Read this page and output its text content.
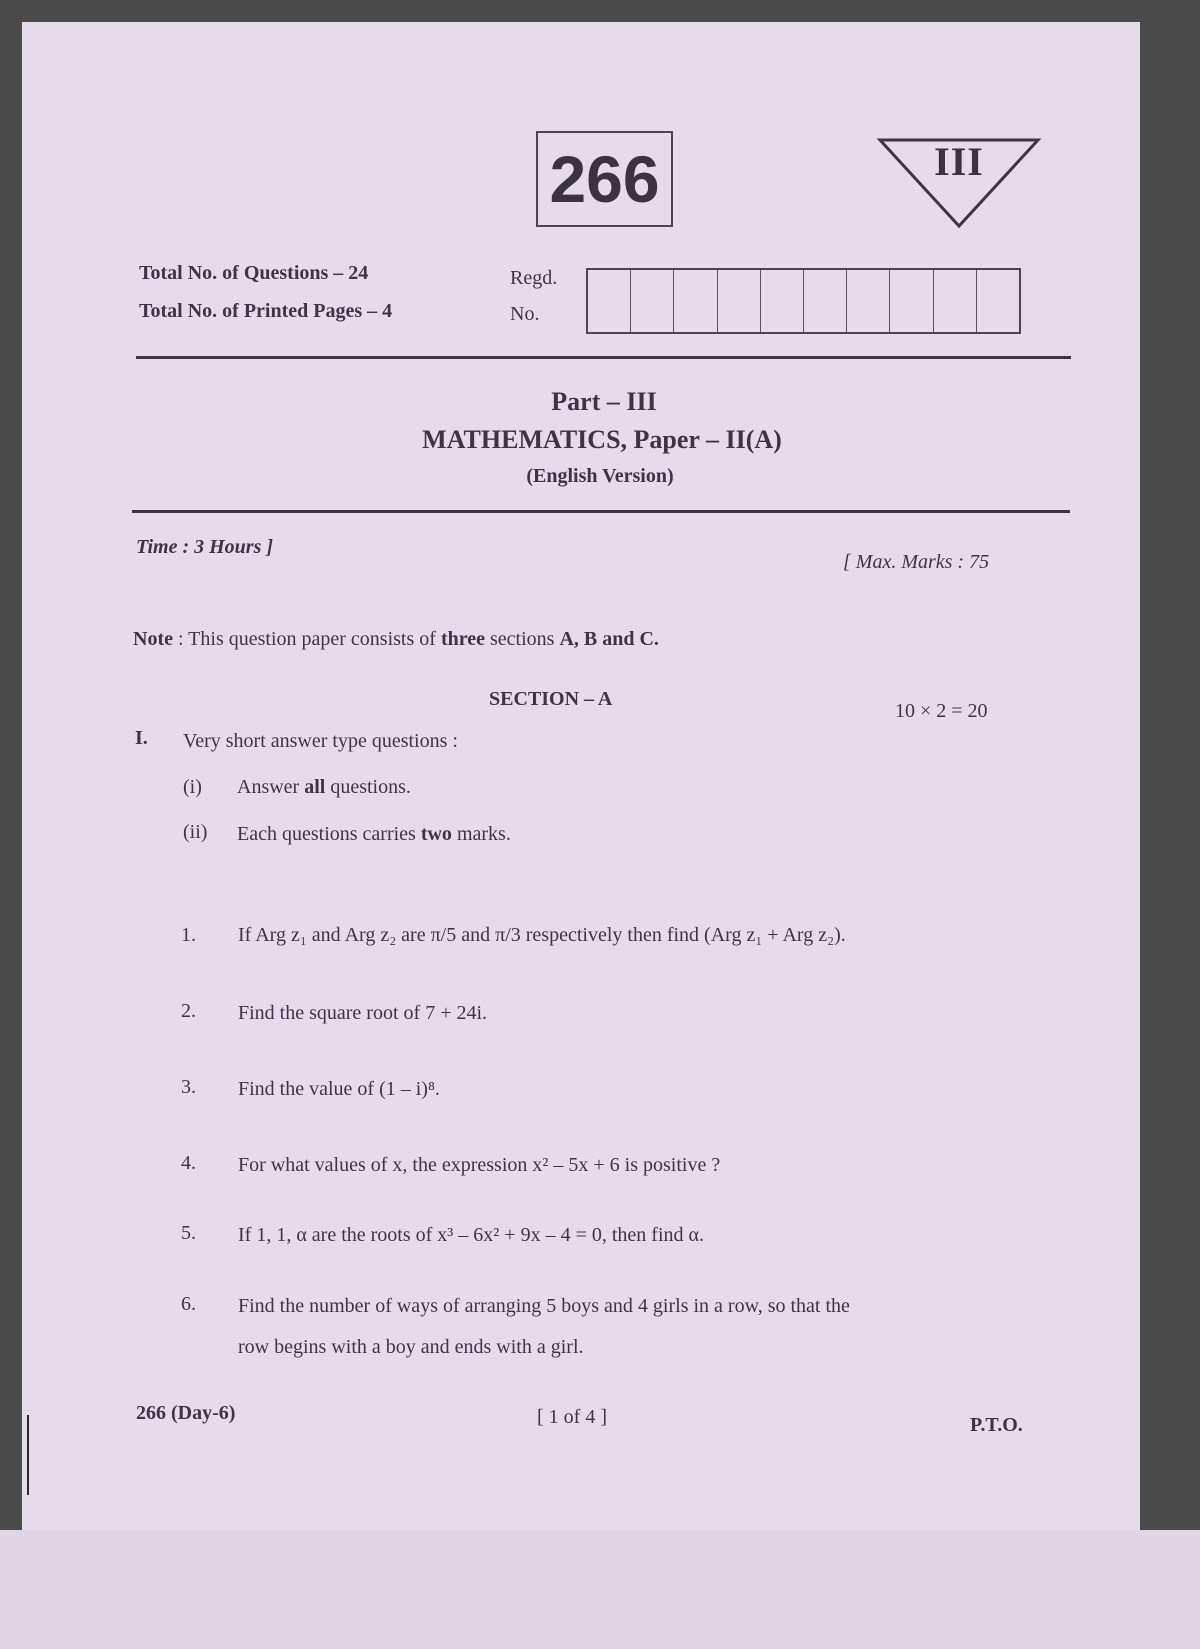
266	III
Total No. of Questions – 24
Total No. of Printed Pages – 4
Regd.
No.
Part – III
MATHEMATICS, Paper – II(A)
(English Version)
Time : 3 Hours ]
[ Max. Marks : 75
Note : This question paper consists of three sections A, B and C.
SECTION – A
10 × 2 = 20
I. Very short answer type questions :
(i) Answer all questions.
(ii) Each questions carries two marks.
1. If Arg z₁ and Arg z₂ are π/5 and π/3 respectively then find (Arg z₁ + Arg z₂).
2. Find the square root of 7 + 24i.
3. Find the value of (1 – i)⁸.
4. For what values of x, the expression x² – 5x + 6 is positive ?
5. If 1, 1, α are the roots of x³ – 6x² + 9x – 4 = 0, then find α.
6. Find the number of ways of arranging 5 boys and 4 girls in a row, so that the
row begins with a boy and ends with a girl.
266 (Day-6)	[ 1 of 4 ]	P.T.O.
